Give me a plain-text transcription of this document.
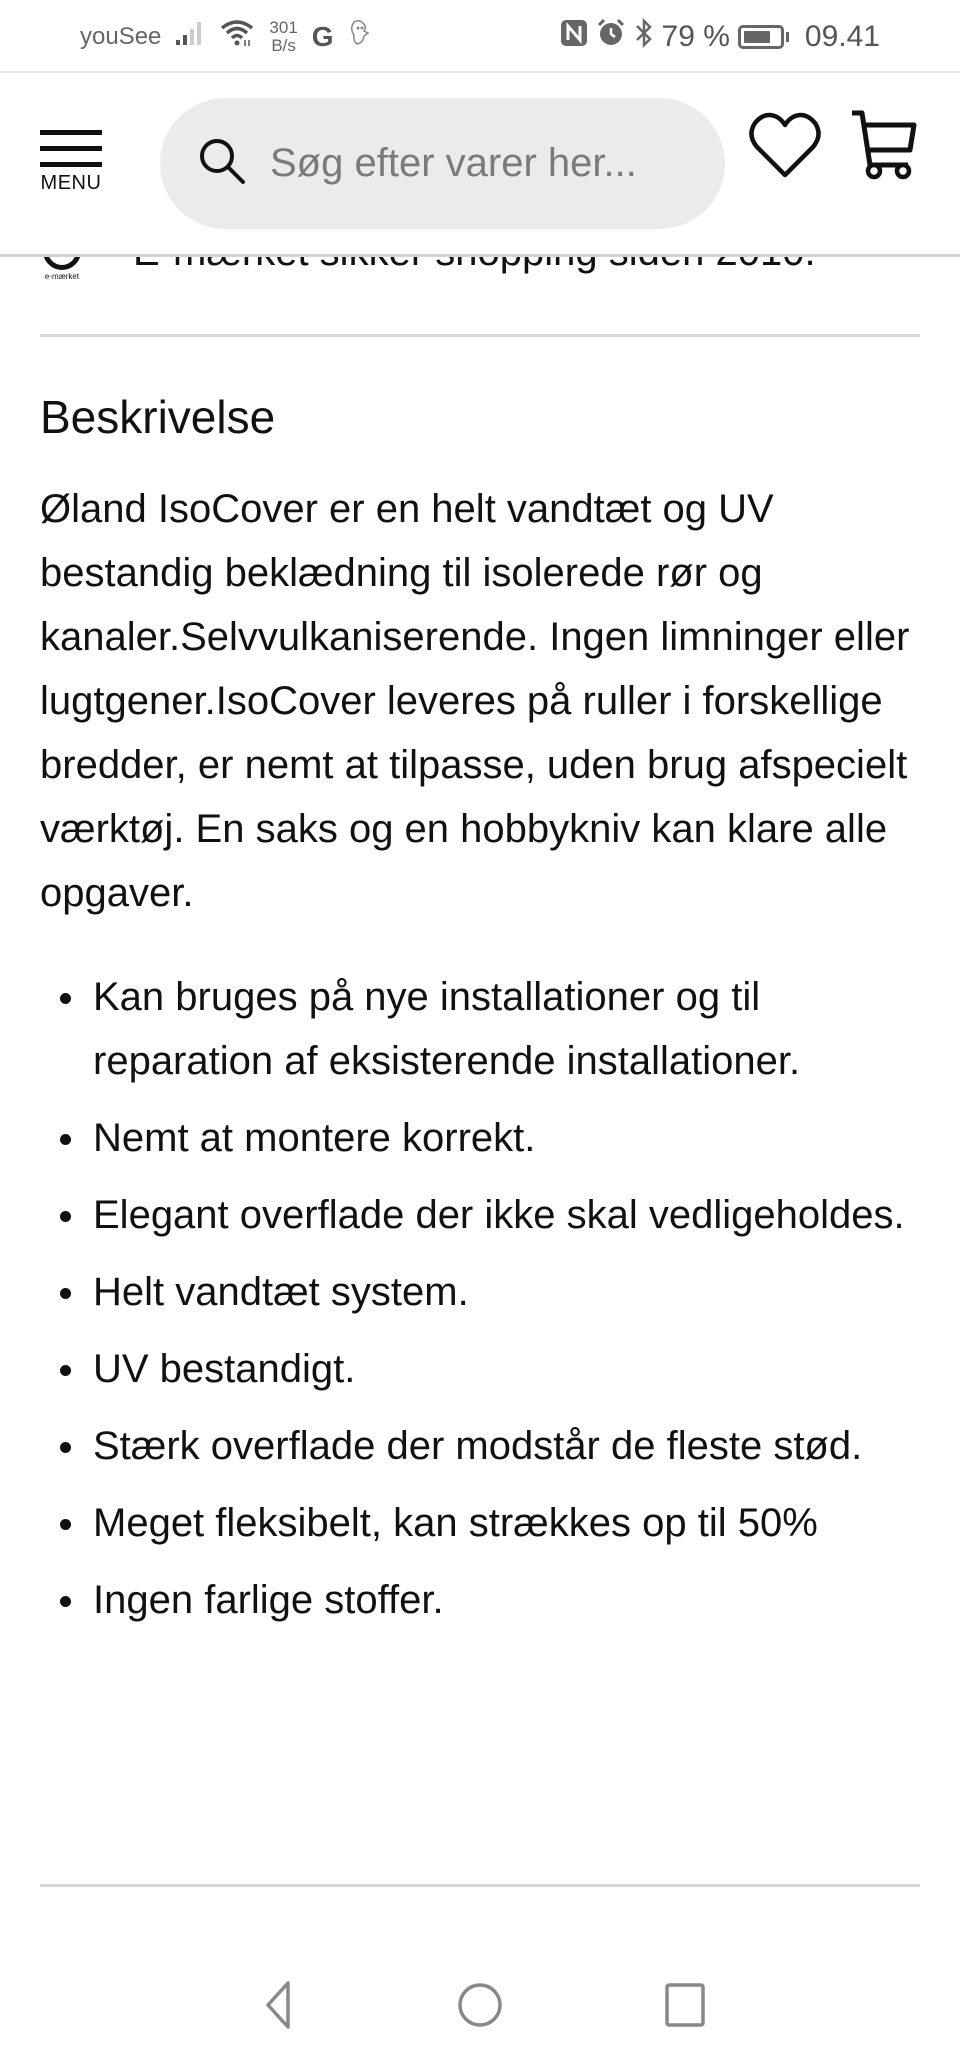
youSee	301
B/s G	79 %	09.41
MENU
Søg efter varer her...
e-mærket
Beskrivelse

Øland IsoCover er en helt vandtæt og UV bestandig beklædning til isolerede rør og kanaler.Selvvulkaniserende. Ingen limninger eller lugtgener.IsoCover leveres på ruller i forskellige bredder, er nemt at tilpasse, uden brug afspecielt værktøj. En saks og en hobbykniv kan klare alle opgaver.

Kan bruges på nye installationer og til reparation af eksisterende installationer.
Nemt at montere korrekt.
Elegant overflade der ikke skal vedligeholdes.
Helt vandtæt system.
UV bestandigt.
Stærk overflade der modstår de fleste stød.
Meget fleksibelt, kan strækkes op til 50%
Ingen farlige stoffer.
